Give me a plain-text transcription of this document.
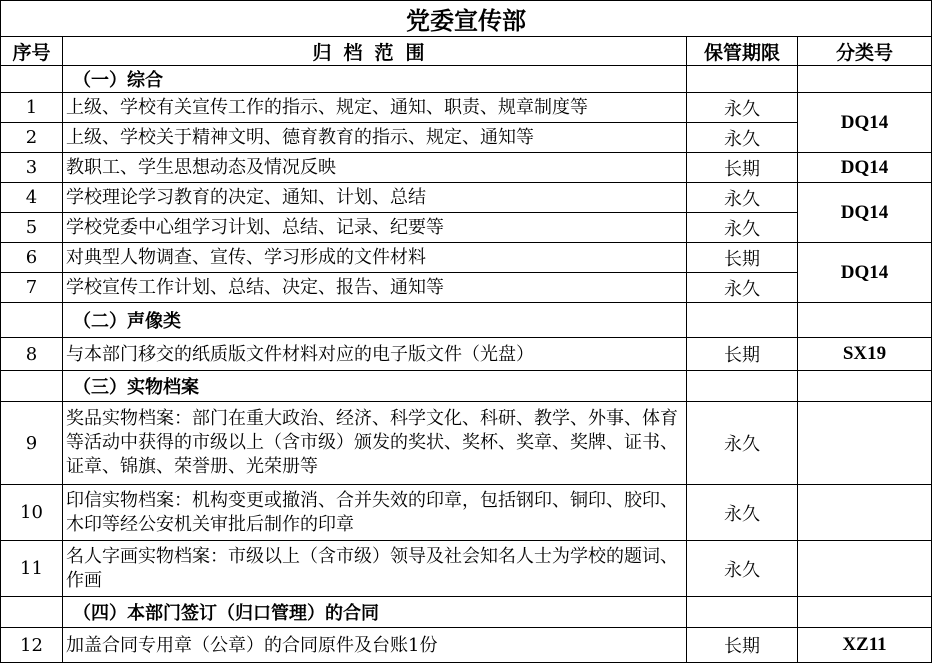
党委宣传部			
序号	归档范围	保管期限	分类号
	（一）综合		
1	上级、学校有关宣传工作的指示、规定、通知、职责、规章制度等	永久	DQ14
2	上级、学校关于精神文明、德育教育的指示、规定、通知等	永久	
3	教职工、学生思想动态及情况反映	长期	DQ14
4	学校理论学习教育的决定、通知、计划、总结	永久	DQ14
5	学校党委中心组学习计划、总结、记录、纪要等	永久	
6	对典型人物调查、宣传、学习形成的文件材料	长期	DQ14
7	学校宣传工作计划、总结、决定、报告、通知等	永久	
	（二）声像类		
8	与本部门移交的纸质版文件材料对应的电子版文件（光盘）	长期	SX19
	（三）实物档案		
9	奖品实物档案：部门在重大政治、经济、科学文化、科研、教学、外事、体育等活动中获得的市级以上（含市级）颁发的奖状、奖杯、奖章、奖牌、证书、证章、锦旗、荣誉册、光荣册等	永久	
10	印信实物档案：机构变更或撤消、合并失效的印章，包括钢印、铜印、胶印、木印等经公安机关审批后制作的印章	永久	
11	名人字画实物档案：市级以上（含市级）领导及社会知名人士为学校的题词、作画	永久	
	（四）本部门签订（归口管理）的合同		
12	加盖合同专用章（公章）的合同原件及台账1份	长期	XZ11
